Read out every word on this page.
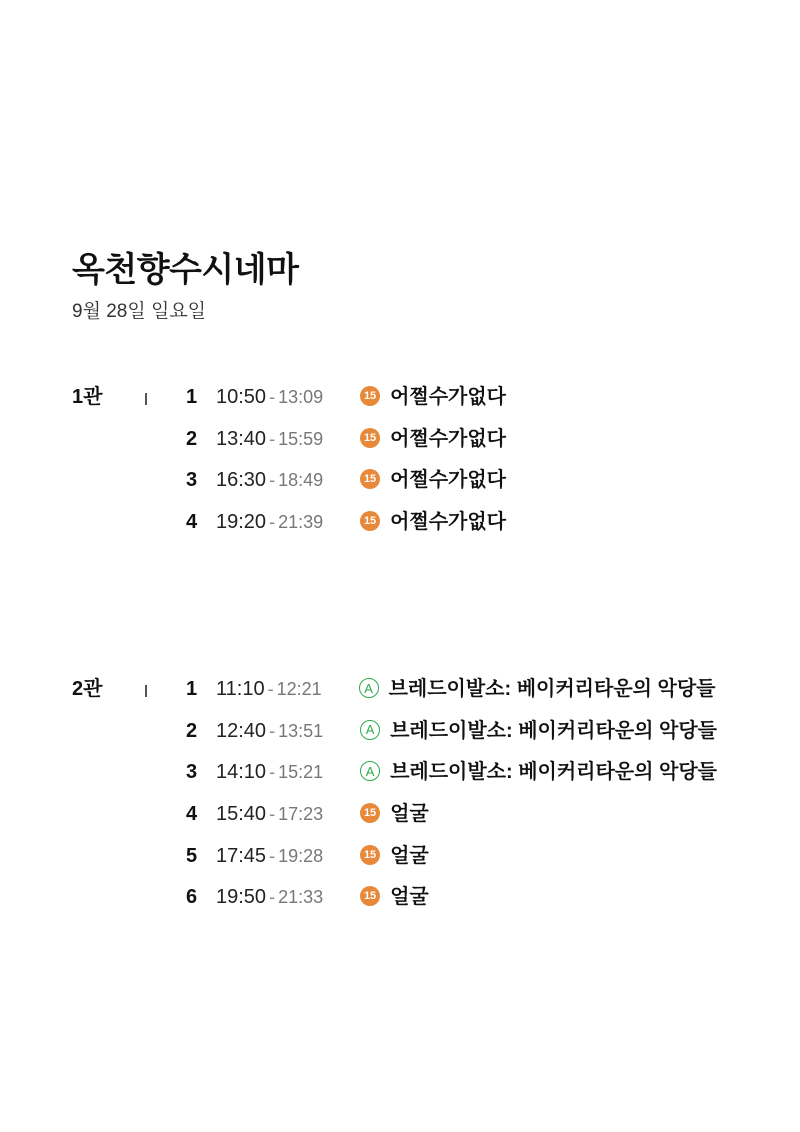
옥천향수시네마
9월 28일 일요일
1관	1 10:50 - 13:09	15 어쩔수가없다
2 13:40 - 15:59	15 어쩔수가없다
3 16:30 - 18:49	15 어쩔수가없다
4 19:20 - 21:39	15 어쩔수가없다
2관	1 11:10 - 12:21	A 브레드이발소: 베이커리타운의 악당들
2 12:40 - 13:51	A 브레드이발소: 베이커리타운의 악당들
3 14:10 - 15:21	A 브레드이발소: 베이커리타운의 악당들
4 15:40 - 17:23	15 얼굴
5 17:45 - 19:28	15 얼굴
6 19:50 - 21:33	15 얼굴
